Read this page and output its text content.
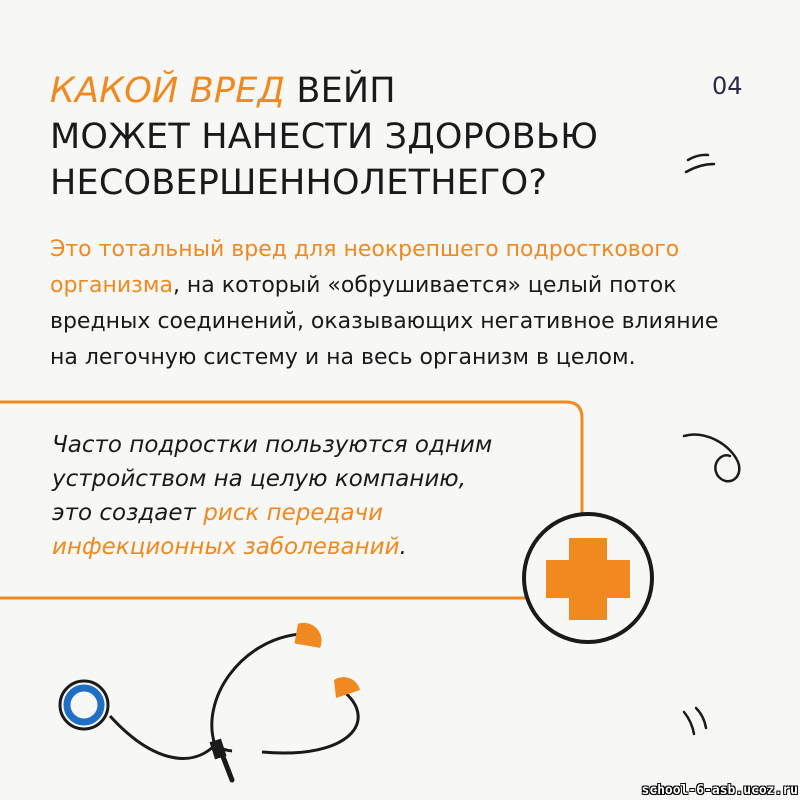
КАКОЙ ВРЕД ВЕЙП
МОЖЕТ НАНЕСТИ ЗДОРОВЬЮ
НЕСОВЕРШЕННОЛЕТНЕГО?
04

Это тотальный вред для неокрепшего подросткового
организма, на который «обрушивается» целый поток
вредных соединений, оказывающих негативное влияние
на легочную систему и на весь организм в целом.

Часто подростки пользуются одним
устройством на целую компанию,
это создает риск передачи
инфекционных заболеваний.

school-6-asb.ucoz.ru
